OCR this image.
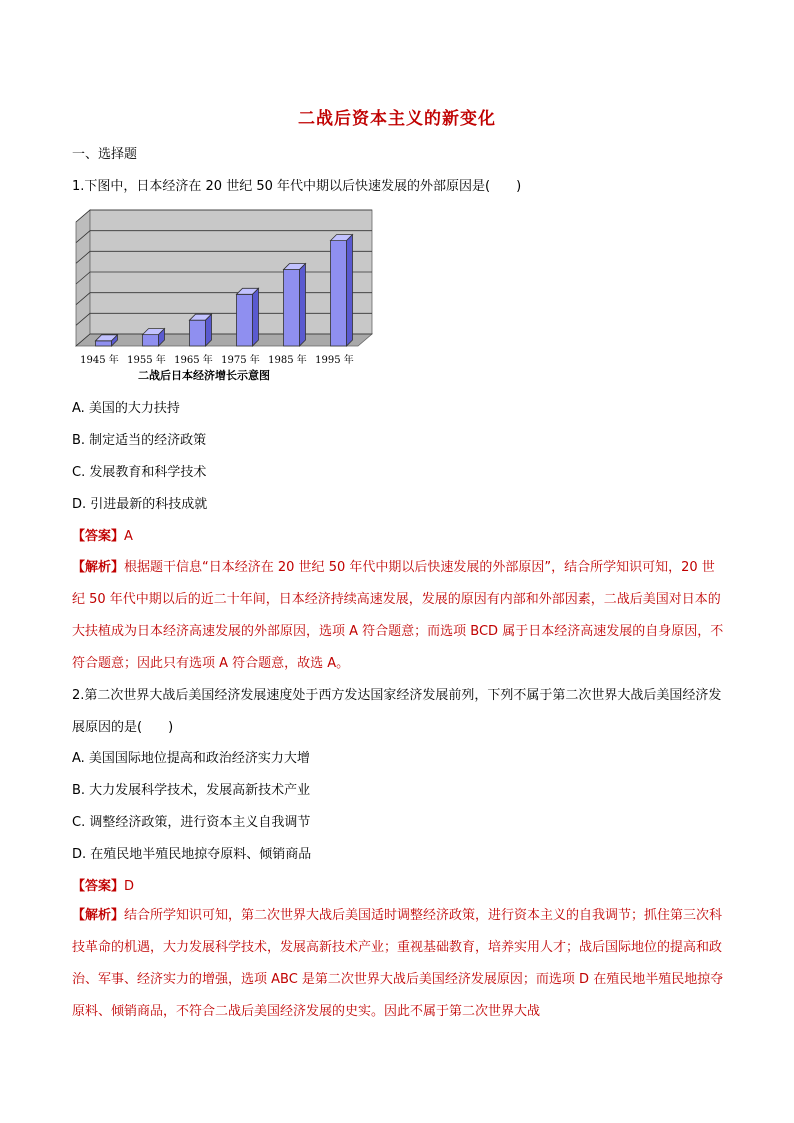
二战后资本主义的新变化
一、选择题
1.下图中，日本经济在 20 世纪 50 年代中期以后快速发展的外部原因是(　　)
1945 年 1955 年 1965 年 1975 年 1985 年 1995 年
二战后日本经济增长示意图
A. 美国的大力扶持
B. 制定适当的经济政策
C. 发展教育和科学技术
D. 引进最新的科技成就
【答案】A
【解析】根据题干信息“日本经济在 20 世纪 50 年代中期以后快速发展的外部原因”，结合所学知识可知，20 世纪 50 年代中期以后的近二十年间，日本经济持续高速发展，发展的原因有内部和外部因素，二战后美国对日本的大扶植成为日本经济高速发展的外部原因，选项 A 符合题意；而选项 BCD 属于日本经济高速发展的自身原因，不符合题意；因此只有选项 A 符合题意，故选 A。
2.第二次世界大战后美国经济发展速度处于西方发达国家经济发展前列，下列不属于第二次世界大战后美国经济发展原因的是(　　)
A. 美国国际地位提高和政治经济实力大增
B. 大力发展科学技术，发展高新技术产业
C. 调整经济政策，进行资本主义自我调节
D. 在殖民地半殖民地掠夺原料、倾销商品
【答案】D
【解析】结合所学知识可知，第二次世界大战后美国适时调整经济政策，进行资本主义的自我调节；抓住第三次科技革命的机遇，大力发展科学技术，发展高新技术产业；重视基础教育，培养实用人才；战后国际地位的提高和政治、军事、经济实力的增强，选项 ABC 是第二次世界大战后美国经济发展原因；而选项 D 在殖民地半殖民地掠夺原料、倾销商品，不符合二战后美国经济发展的史实。因此不属于第二次世界大战
